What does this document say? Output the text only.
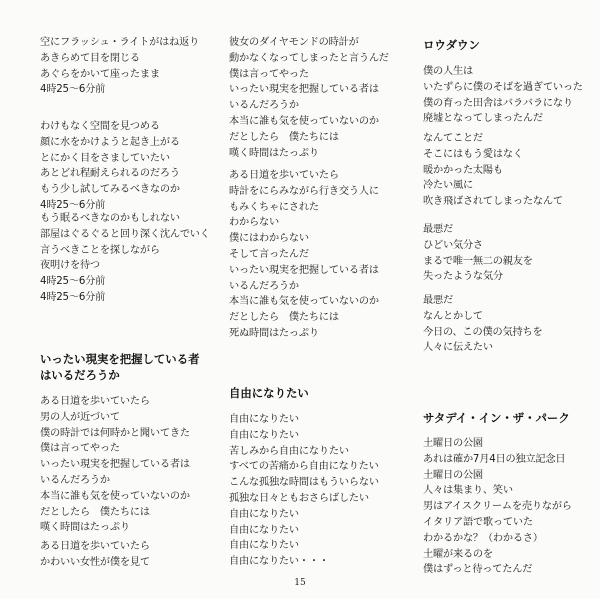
空にフラッシュ・ライトがはね返り
あきらめて目を閉じる
あぐらをかいて座ったまま
4時25～6分前
わけもなく空間を見つめる
顔に水をかけようと起き上がる
とにかく目をさましていたい
あとどれ程耐えられるのだろう
もう少し試してみるべきなのか
4時25～6分前
もう眠るべきなのかもしれない
部屋はぐるぐると回り深く沈んでいく
言うべきことを探しながら
夜明けを待つ
4時25～6分前
4時25～6分前
いったい現実を把握している者
はいるだろうか
ある日道を歩いていたら
男の人が近づいて
僕の時計では何時かと聞いてきた
僕は言ってやった
いったい現実を把握している者は
いるんだろうか
本当に誰も気を使っていないのか
だとしたら　僕たちには
嘆く時間はたっぷり
ある日道を歩いていたら
かわいい女性が僕を見て
彼女のダイヤモンドの時計が
動かなくなってしまったと言うんだ
僕は言ってやった
いったい現実を把握している者は
いるんだろうか
本当に誰も気を使っていないのか
だとしたら　僕たちには
嘆く時間はたっぷり
ある日道を歩いていたら
時計をにらみながら行き交う人に
もみくちゃにされた
わからない
僕にはわからない
そして言ったんだ
いったい現実を把握している者は
いるんだろうか
本当に誰も気を使っていないのか
だとしたら　僕たちには
死ぬ時間はたっぷり
自由になりたい
自由になりたい
自由になりたい
苦しみから自由になりたい
すべての苦痛から自由になりたい
こんな孤独な時間はもういらない
孤独な日々ともおさらばしたい
自由になりたい
自由になりたい
自由になりたい
自由になりたい・・・
ロウダウン
僕の人生は
いたずらに僕のそばを過ぎていった
僕の育った田舎はバラバラになり
廃墟となってしまったんだ
なんてことだ
そこにはもう愛はなく
暖かかった太陽も
冷たい風に
吹き飛ばされてしまったなんて
最悪だ
ひどい気分さ
まるで唯一無二の親友を
失ったような気分
最悪だ
なんとかして
今日の、この僕の気持ちを
人々に伝えたい
サタデイ・イン・ザ・パーク
土曜日の公園
あれは確か7月4日の独立記念日
土曜日の公園
人々は集まり、笑い
男はアイスクリームを売りながら
イタリア語で歌っていた
わかるかな？（わかるさ）
土曜が来るのを
僕はずっと待ってたんだ
15
